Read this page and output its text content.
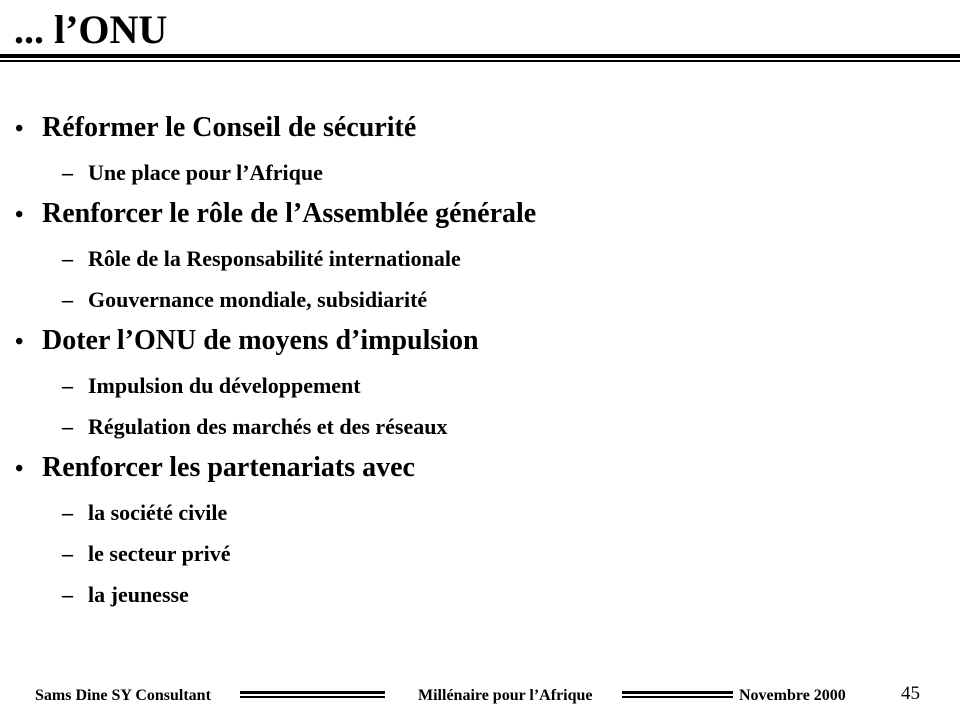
... l’ONU
• Réformer le Conseil de sécurité
– Une place pour l’Afrique
• Renforcer le rôle de l’Assemblée générale
– Rôle de la Responsabilité internationale
– Gouvernance mondiale, subsidiarité
• Doter l’ONU de moyens d’impulsion
– Impulsion du développement
– Régulation des marchés et des réseaux
• Renforcer les partenariats avec
– la société civile
– le secteur privé
– la jeunesse
Sams Dine SY Consultant	Millénaire pour l’Afrique	Novembre 2000	45
